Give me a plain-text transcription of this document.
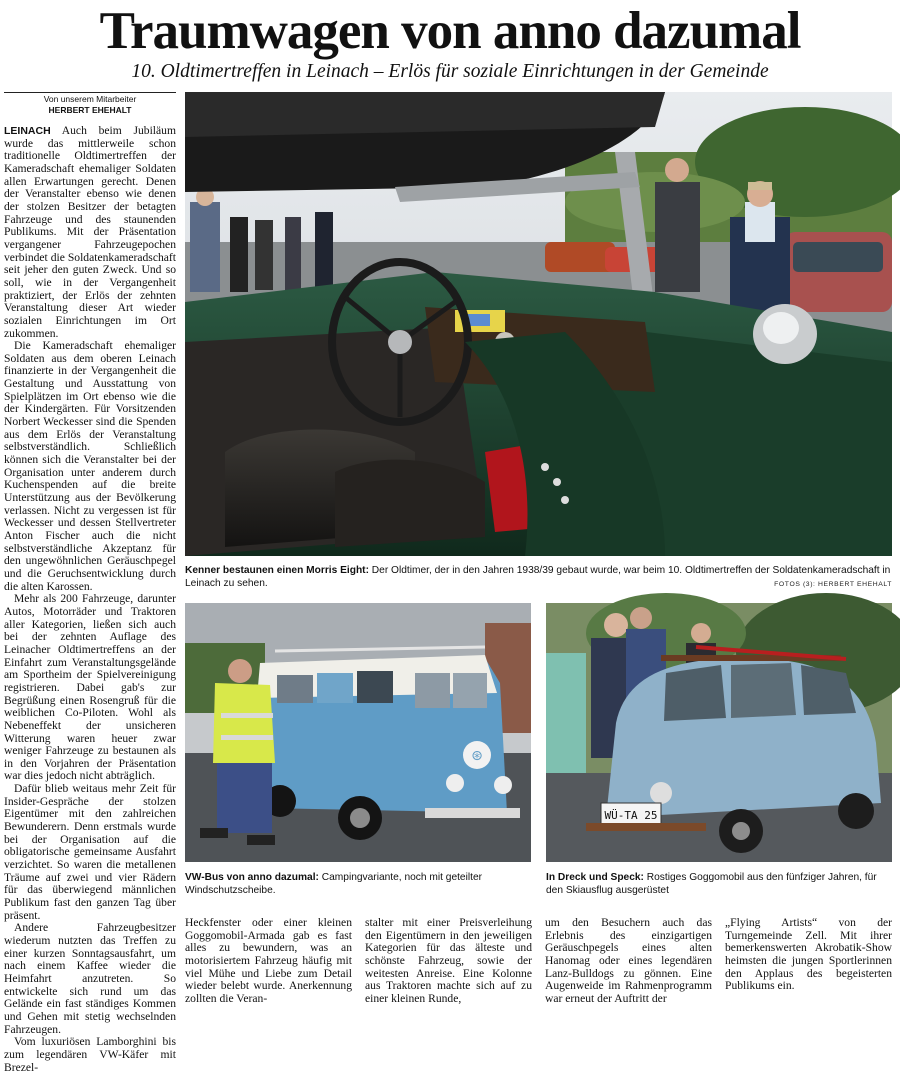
Traumwagen von anno dazumal
10. Oldtimertreffen in Leinach – Erlös für soziale Einrichtungen in der Gemeinde
Von unserem Mitarbeiter
HERBERT EHEHALT

LEINACH Auch beim Jubiläum wurde das mittlerweile schon traditionelle Oldtimertreffen der Kameradschaft ehemaliger Soldaten allen Erwartungen gerecht. Denen der Veranstalter ebenso wie denen der stolzen Besitzer der betagten Fahrzeuge und des staunenden Publikums. Mit der Präsentation vergangener Fahrzeugepochen verbindet die Soldatenkameradschaft seit jeher den guten Zweck. Und so soll, wie in der Vergangenheit praktiziert, der Erlös der zehnten Veranstaltung dieser Art wieder sozialen Einrichtungen im Ort zukommen.

Die Kameradschaft ehemaliger Soldaten aus dem oberen Leinach finanzierte in der Vergangenheit die Gestaltung und Ausstattung von Spielplätzen im Ort ebenso wie die der Kindergärten. Für Vorsitzenden Norbert Weckesser sind die Spenden aus dem Erlös der Veranstaltung selbstverständlich. Schließlich können sich die Veranstalter bei der Organisation unter anderem durch Kuchenspenden auf die breite Unterstützung aus der Bevölkerung verlassen. Nicht zu vergessen ist für Weckesser und dessen Stellvertreter Anton Fischer auch die nicht selbstverständliche Akzeptanz für den ungewöhnlichen Geräuschpegel und die Geruchsentwicklung durch die alten Karossen.

Mehr als 200 Fahrzeuge, darunter Autos, Motorräder und Traktoren aller Kategorien, ließen sich auch bei der zehnten Auflage des Leinacher Oldtimertreffens an der Einfahrt zum Veranstaltungsgelände am Sportheim der Spielvereinigung registrieren. Dabei gab's zur Begrüßung einen Rosengruß für die weiblichen Co-Piloten. Wohl als Nebeneffekt der unsicheren Witterung waren heuer zwar weniger Fahrzeuge zu bestaunen als in den Vorjahren der Präsentation war dies jedoch nicht abträglich.

Dafür blieb weitaus mehr Zeit für Insider-Gespräche der stolzen Eigentümer mit den zahlreichen Bewunderern. Denn erstmals wurde bei der Organisation auf die obligatorische gemeinsame Ausfahrt verzichtet. So waren die metallenen Träume auf zwei und vier Rädern für das überwiegend männlichen Publikum fast den ganzen Tag über präsent.

Andere Fahrzeugbesitzer wiederum nutzten das Treffen zu einer kurzen Sonntagsausfahrt, um nach einem Kaffee wieder die Heimfahrt anzutreten. So entwickelte sich rund um das Gelände ein fast ständiges Kommen und Gehen mit stetig wechselnden Fahrzeugen.

Vom luxuriösen Lamborghini bis zum legendären VW-Käfer mit Brezel-

Kenner bestaunen einen Morris Eight: Der Oldtimer, der in den Jahren 1938/39 gebaut wurde, war beim 10. Oldtimertreffen der Soldatenkameradschaft in Leinach zu sehen.	FOTOS (3): HERBERT EHEHALT
⊛
VW-Bus von anno dazumal: Campingvariante, noch mit geteilter Windschutzscheibe.
WÜ-TA 25
In Dreck und Speck: Rostiges Goggomobil aus den fünfziger Jahren, für den Skiausflug ausgerüstet

Heckfenster oder einer kleinen Goggomobil-Armada gab es fast alles zu bewundern, was an motorisiertem Fahrzeug häufig mit viel Mühe und Liebe zum Detail wieder belebt wurde. Anerkennung zollten die Veran-

stalter mit einer Preisverleihung den Eigentümern in den jeweiligen Kategorien für das älteste und schönste Fahrzeug, sowie der weitesten Anreise. Eine Kolonne aus Traktoren machte sich auf zu einer kleinen Runde,

um den Besuchern auch das Erlebnis des einzigartigen Geräuschpegels eines alten Hanomag oder eines legendären Lanz-Bulldogs zu gönnen. Eine Augenweide im Rahmenprogramm war erneut der Auftritt der

„Flying Artists“ von der Turngemeinde Zell. Mit ihrer bemerkenswerten Akrobatik-Show heimsten die jungen Sportlerinnen den Applaus des begeisterten Publikums ein.
